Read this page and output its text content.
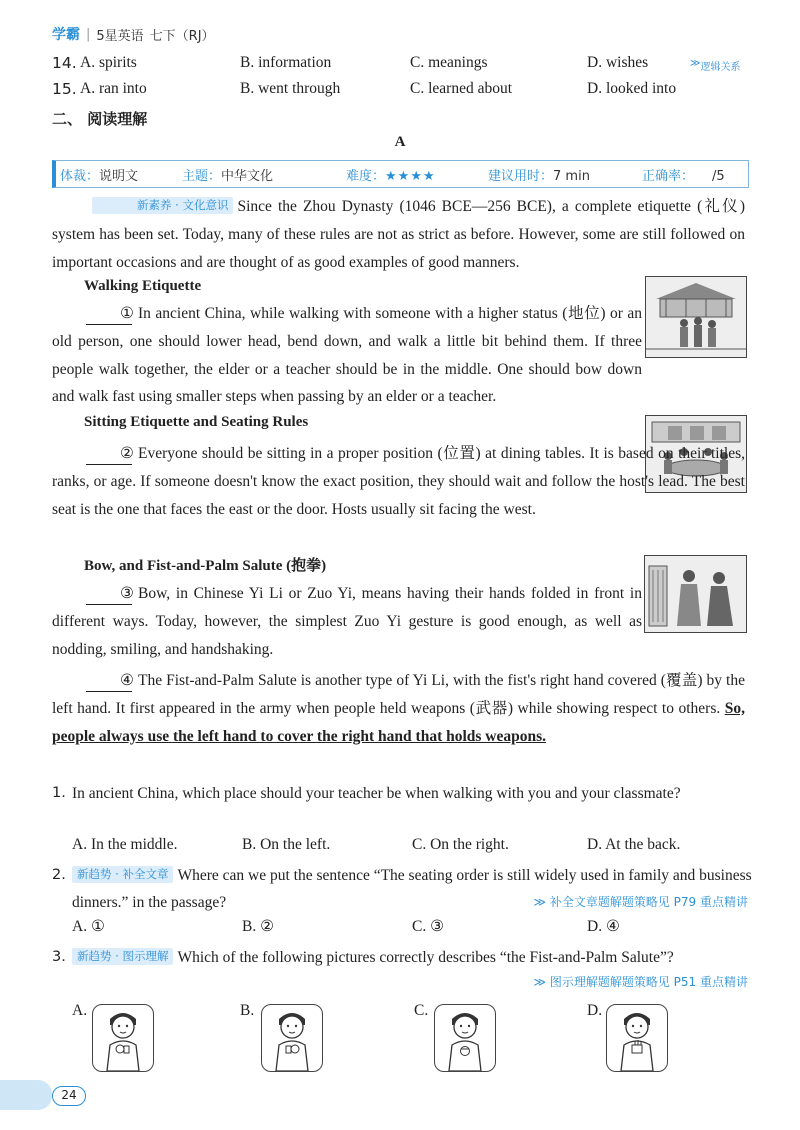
学霸 | 5星英语 七下（RJ）
14. A. spirits	B. information	C. meanings	D. wishes	≫ 逻辑关系
15. A. ran into	B. went through	C. learned about	D. looked into
二、 阅读理解
A
体裁：说明文	主题：中华文化	难度：★★★★	建议用时：7 min	正确率： /5
新素养 · 文化意识 Since the Zhou Dynasty (1046 BCE—256 BCE), a complete etiquette (礼仪) system has been set. Today, many of these rules are not as strict as before. However, some are still followed on important occasions and are thought of as good examples of good manners.
Walking Etiquette
① In ancient China, while walking with someone with a higher status (地位) or an old person, one should lower head, bend down, and walk a little bit behind them. If three people walk together, the elder or a teacher should be in the middle. One should bow down and walk fast using smaller steps when passing by an elder or a teacher.
Sitting Etiquette and Seating Rules
② Everyone should be sitting in a proper position (位置) at dining tables. It is based on their titles, ranks, or age. If someone doesn't know the exact position, they should wait and follow the host's lead. The best seat is the one that faces the east or the door. Hosts usually sit facing the west.
Bow, and Fist-and-Palm Salute (抱拳)
③ Bow, in Chinese Yi Li or Zuo Yi, means having their hands folded in front in different ways. Today, however, the simplest Zuo Yi gesture is good enough, as well as nodding, smiling, and handshaking.
④ The Fist-and-Palm Salute is another type of Yi Li, with the fist's right hand covered (覆盖) by the left hand. It first appeared in the army when people held weapons (武器) while showing respect to others. So, people always use the left hand to cover the right hand that holds weapons.
1. In ancient China, which place should your teacher be when walking with you and your classmate?
A. In the middle.	B. On the left.	C. On the right.	D. At the back.
2. 新趋势 · 补全文章 Where can we put the sentence “The seating order is still widely used in family and business dinners.” in the passage?	≫ 补全文章题解题策略见 P79 重点精讲
A. ①	B. ②	C. ③	D. ④
3. 新趋势 · 图示理解 Which of the following pictures correctly describes “the Fist-and-Palm Salute”?
≫ 图示理解题解题策略见 P51 重点精讲
A.	B.	C.	D.
24
